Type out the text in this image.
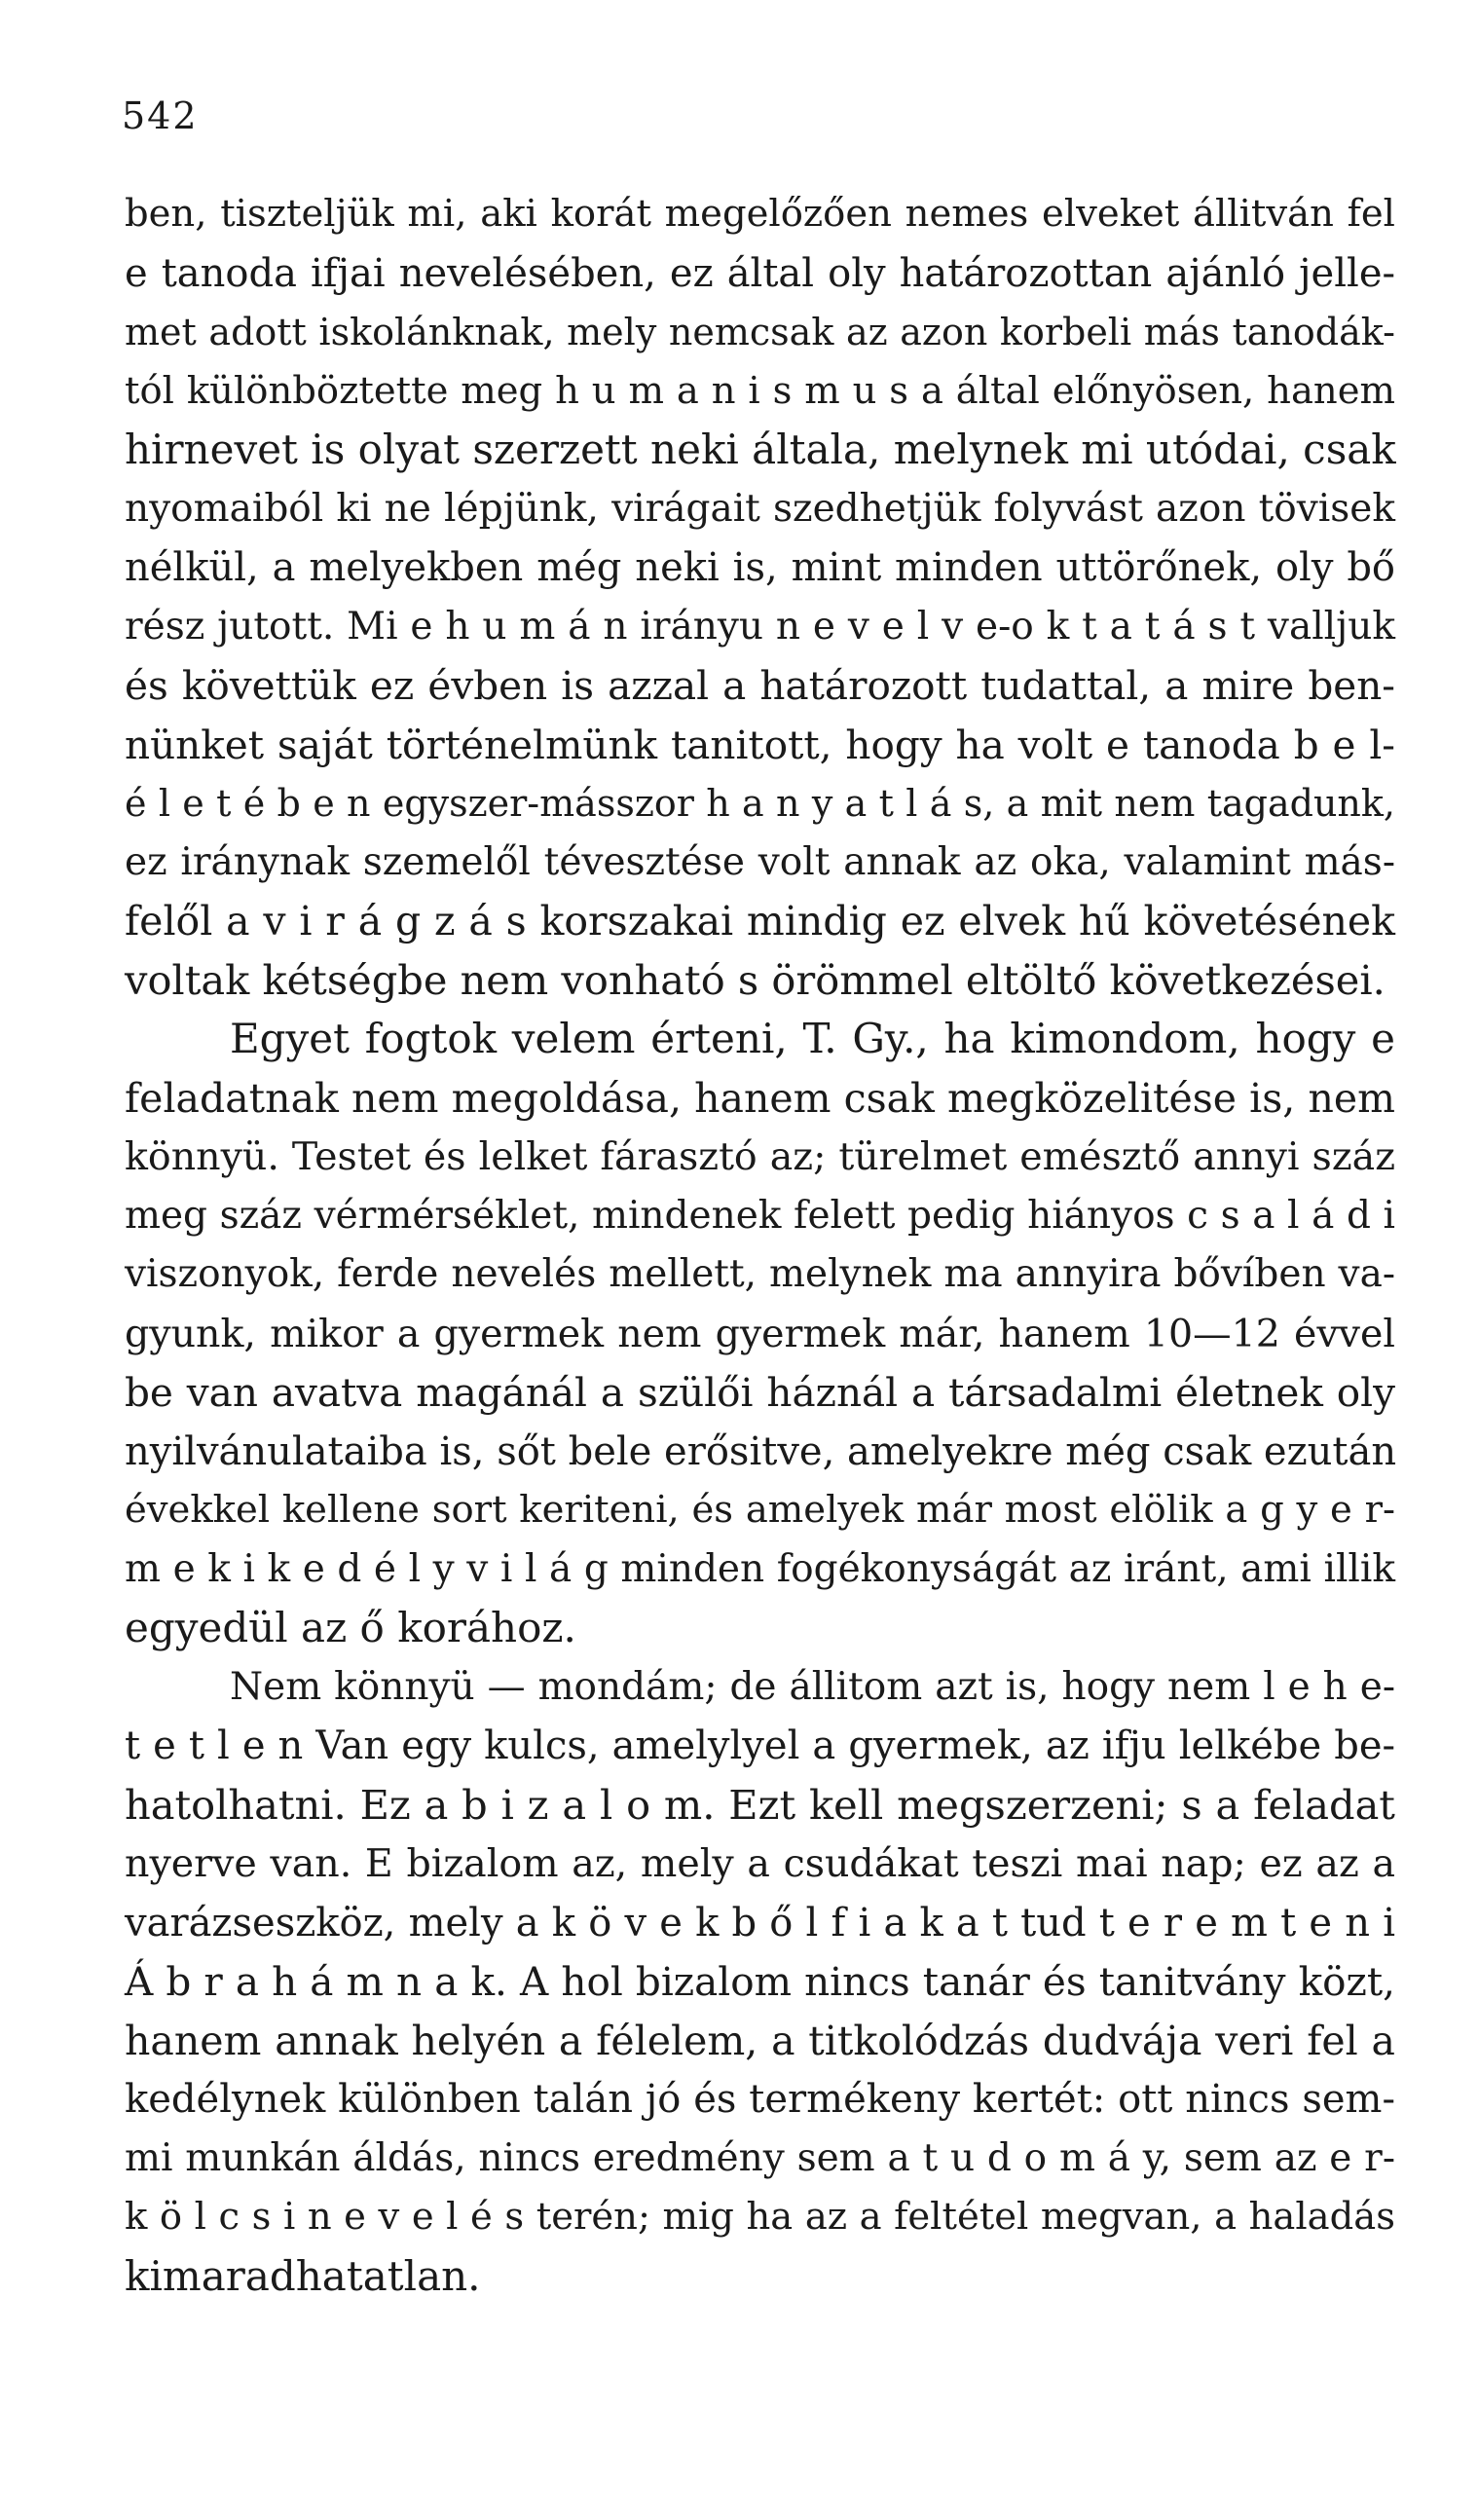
542
ben, tiszteljük mi, aki korát megelőzően nemes elveket állitván fel
e tanoda ifjai nevelésében, ez által oly határozottan ajánló jelle-
met adott iskolánknak, mely nemcsak az azon korbeli más tanodák-
tól különböztette meg h u m a n i s m u s a által előnyösen, hanem
hirnevet is olyat szerzett neki általa, melynek mi utódai, csak
nyomaiból ki ne lépjünk, virágait szedhetjük folyvást azon tövisek
nélkül, a melyekben még neki is, mint minden uttörőnek, oly bő
rész jutott. Mi e h u m á n irányu n e v e l v e-o k t a t á s t valljuk
és követtük ez évben is azzal a határozott tudattal, a mire ben-
nünket saját történelmünk tanitott, hogy ha volt e tanoda b e l-
é l e t é b e n egyszer-másszor h a n y a t l á s, a mit nem tagadunk,
ez iránynak szemelől tévesztése volt annak az oka, valamint más-
felől a v i r á g z á s korszakai mindig ez elvek hű követésének
voltak kétségbe nem vonható s örömmel eltöltő következései.
Egyet fogtok velem érteni, T. Gy., ha kimondom, hogy e
feladatnak nem megoldása, hanem csak megközelitése is, nem
könnyü. Testet és lelket fárasztó az; türelmet emésztő annyi száz
meg száz vérmérséklet, mindenek felett pedig hiányos c s a l á d i
viszonyok, ferde nevelés mellett, melynek ma annyira bővíben va-
gyunk, mikor a gyermek nem gyermek már, hanem 10—12 évvel
be van avatva magánál a szülői háznál a társadalmi életnek oly
nyilvánulataiba is, sőt bele erősitve, amelyekre még csak ezután
évekkel kellene sort keriteni, és amelyek már most elölik a g y e r-
m e k i k e d é l y v i l á g minden fogékonyságát az iránt, ami illik
egyedül az ő korához.
Nem könnyü — mondám; de állitom azt is, hogy nem l e h e-
t e t l e n Van egy kulcs, amelylyel a gyermek, az ifju lelkébe be-
hatolhatni. Ez a b i z a l o m. Ezt kell megszerzeni; s a feladat
nyerve van. E bizalom az, mely a csudákat teszi mai nap; ez az a
varázseszköz, mely a k ö v e k b ő l f i a k a t tud t e r e m t e n i
Á b r a h á m n a k. A hol bizalom nincs tanár és tanitvány közt,
hanem annak helyén a félelem, a titkolódzás dudvája veri fel a
kedélynek különben talán jó és termékeny kertét: ott nincs sem-
mi munkán áldás, nincs eredmény sem a t u d o m á y, sem az e r-
k ö l c s i n e v e l é s terén; mig ha az a feltétel megvan, a haladás
kimaradhatatlan.
